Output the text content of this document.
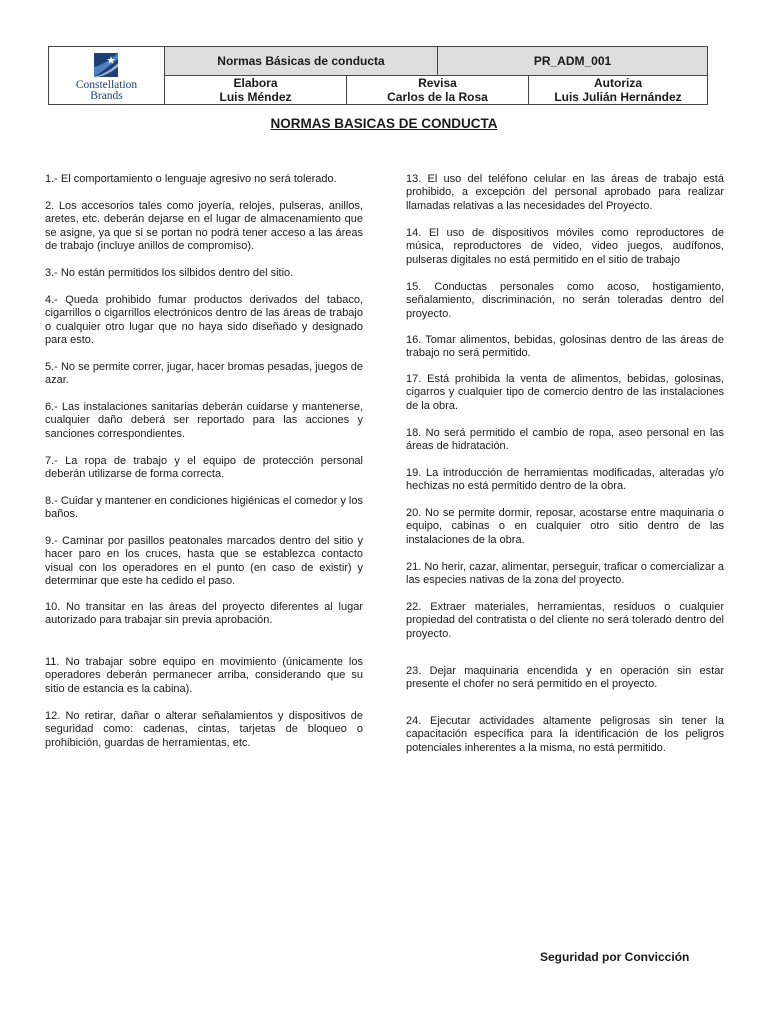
Constellation
Brands
Normas Básicas de conducta	PR_ADM_001
Elabora
Luis Méndez
Revisa
Carlos de la Rosa
Autoriza
Luis Julián Hernández
NORMAS BASICAS DE CONDUCTA

1.- El comportamiento o lenguaje agresivo no será tolerado.

2. Los accesorios tales como joyería, relojes, pulseras, anillos, aretes, etc. deberán dejarse en el lugar de almacenamiento que se asigne, ya que si se portan no podrá tener acceso a las áreas de trabajo (incluye anillos de compromiso).

3.- No están permitidos los silbidos dentro del sitio.

4.- Queda prohibido fumar productos derivados del tabaco, cigarrillos o cigarrillos electrónicos dentro de las áreas de trabajo o cualquier otro lugar que no haya sido diseñado y designado para esto.

5.- No se permite correr, jugar, hacer bromas pesadas, juegos de azar.

6.- Las instalaciones sanitarias deberán cuidarse y mantenerse, cualquier daño deberá ser reportado para las acciones y sanciones correspondientes.

7.- La ropa de trabajo y el equipo de protección personal deberán utilizarse de forma correcta.

8.- Cuidar y mantener en condiciones higiénicas el comedor y los baños.

9.- Caminar por pasillos peatonales marcados dentro del sitio y hacer paro en los cruces, hasta que se establezca contacto visual con los operadores en el punto (en caso de existir) y determinar que este ha cedido el paso.

10. No transitar en las áreas del proyecto diferentes al lugar autorizado para trabajar sin previa aprobación.

11. No trabajar sobre equipo en movimiento (únicamente los operadores deberán permanecer arriba, considerando que su sitio de estancia es la cabina).

12. No retirar, dañar o alterar señalamientos y dispositivos de seguridad como: cadenas, cintas, tarjetas de bloqueo o prohibición, guardas de herramientas, etc.

13. El uso del teléfono celular en las áreas de trabajo está prohibido, a excepción del personal aprobado para realizar llamadas relativas a las necesidades del Proyecto.

14. El uso de dispositivos móviles como reproductores de música, reproductores de video, video juegos, audífonos, pulseras digitales no está permitido en el sitio de trabajo

15. Conductas personales como acoso, hostigamiento, señalamiento, discriminación, no serán toleradas dentro del proyecto.

16. Tomar alimentos, bebidas, golosinas dentro de las áreas de trabajo no será permitido.

17. Está prohibida la venta de alimentos, bebidas, golosinas, cigarros y cualquier tipo de comercio dentro de las instalaciones de la obra.

18. No será permitido el cambio de ropa, aseo personal en las áreas de hidratación.

19. La introducción de herramientas modificadas, alteradas y/o hechizas no está permitido dentro de la obra.

20. No se permite dormir, reposar, acostarse entre maquinaria o equipo, cabinas o en cualquier otro sitio dentro de las instalaciones de la obra.

21. No herir, cazar, alimentar, perseguir, traficar o comercializar a las especies nativas de la zona del proyecto.

22. Extraer materiales, herramientas, residuos o cualquier propiedad del contratista o del cliente no será tolerado dentro del proyecto.

23. Dejar maquinaria encendida y en operación sin estar presente el chofer no será permitido en el proyecto.

24. Ejecutar actividades altamente peligrosas sin tener la capacitación específica para la identificación de los peligros potenciales inherentes a la misma, no está permitido.

Seguridad por Convicción
